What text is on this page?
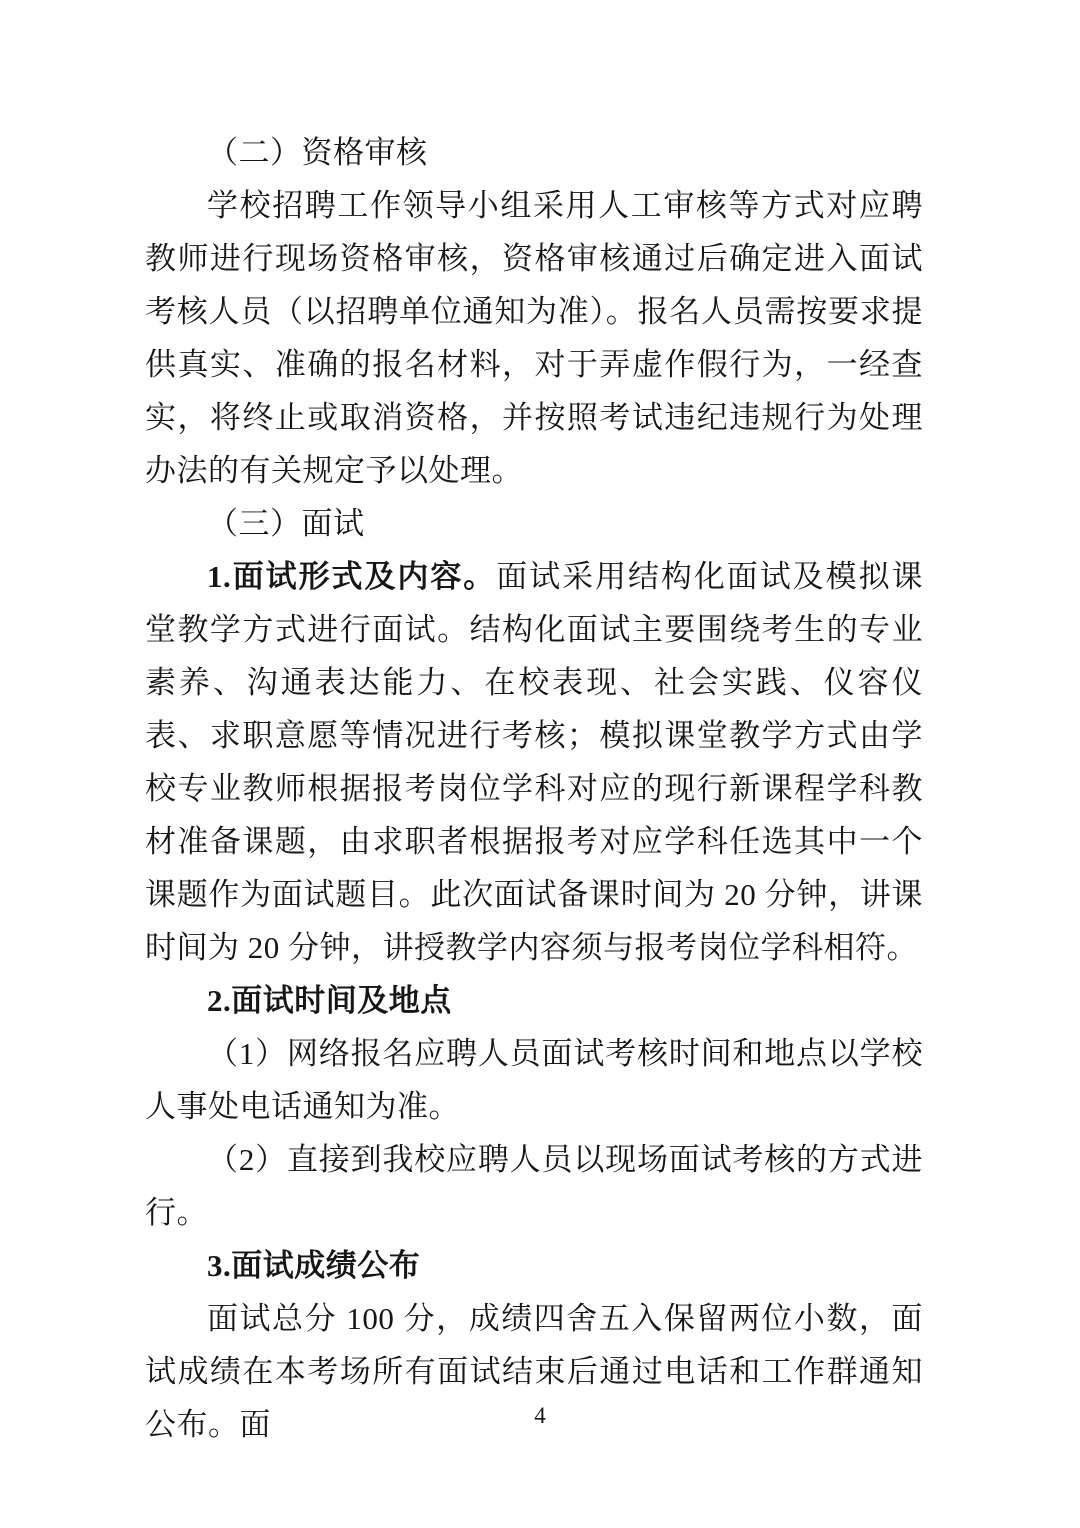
（二）资格审核

学校招聘工作领导小组采用人工审核等方式对应聘教师进行现场资格审核，资格审核通过后确定进入面试考核人员（以招聘单位通知为准）。报名人员需按要求提供真实、准确的报名材料，对于弄虚作假行为，一经查实，将终止或取消资格，并按照考试违纪违规行为处理办法的有关规定予以处理。

（三）面试

1.面试形式及内容。面试采用结构化面试及模拟课堂教学方式进行面试。结构化面试主要围绕考生的专业素养、沟通表达能力、在校表现、社会实践、仪容仪表、求职意愿等情况进行考核；模拟课堂教学方式由学校专业教师根据报考岗位学科对应的现行新课程学科教材准备课题，由求职者根据报考对应学科任选其中一个课题作为面试题目。此次面试备课时间为 20 分钟，讲课时间为 20 分钟，讲授教学内容须与报考岗位学科相符。

2.面试时间及地点

（1）网络报名应聘人员面试考核时间和地点以学校人事处电话通知为准。

（2）直接到我校应聘人员以现场面试考核的方式进行。

3.面试成绩公布

面试总分 100 分，成绩四舍五入保留两位小数，面试成绩在本考场所有面试结束后通过电话和工作群通知公布。面	4
